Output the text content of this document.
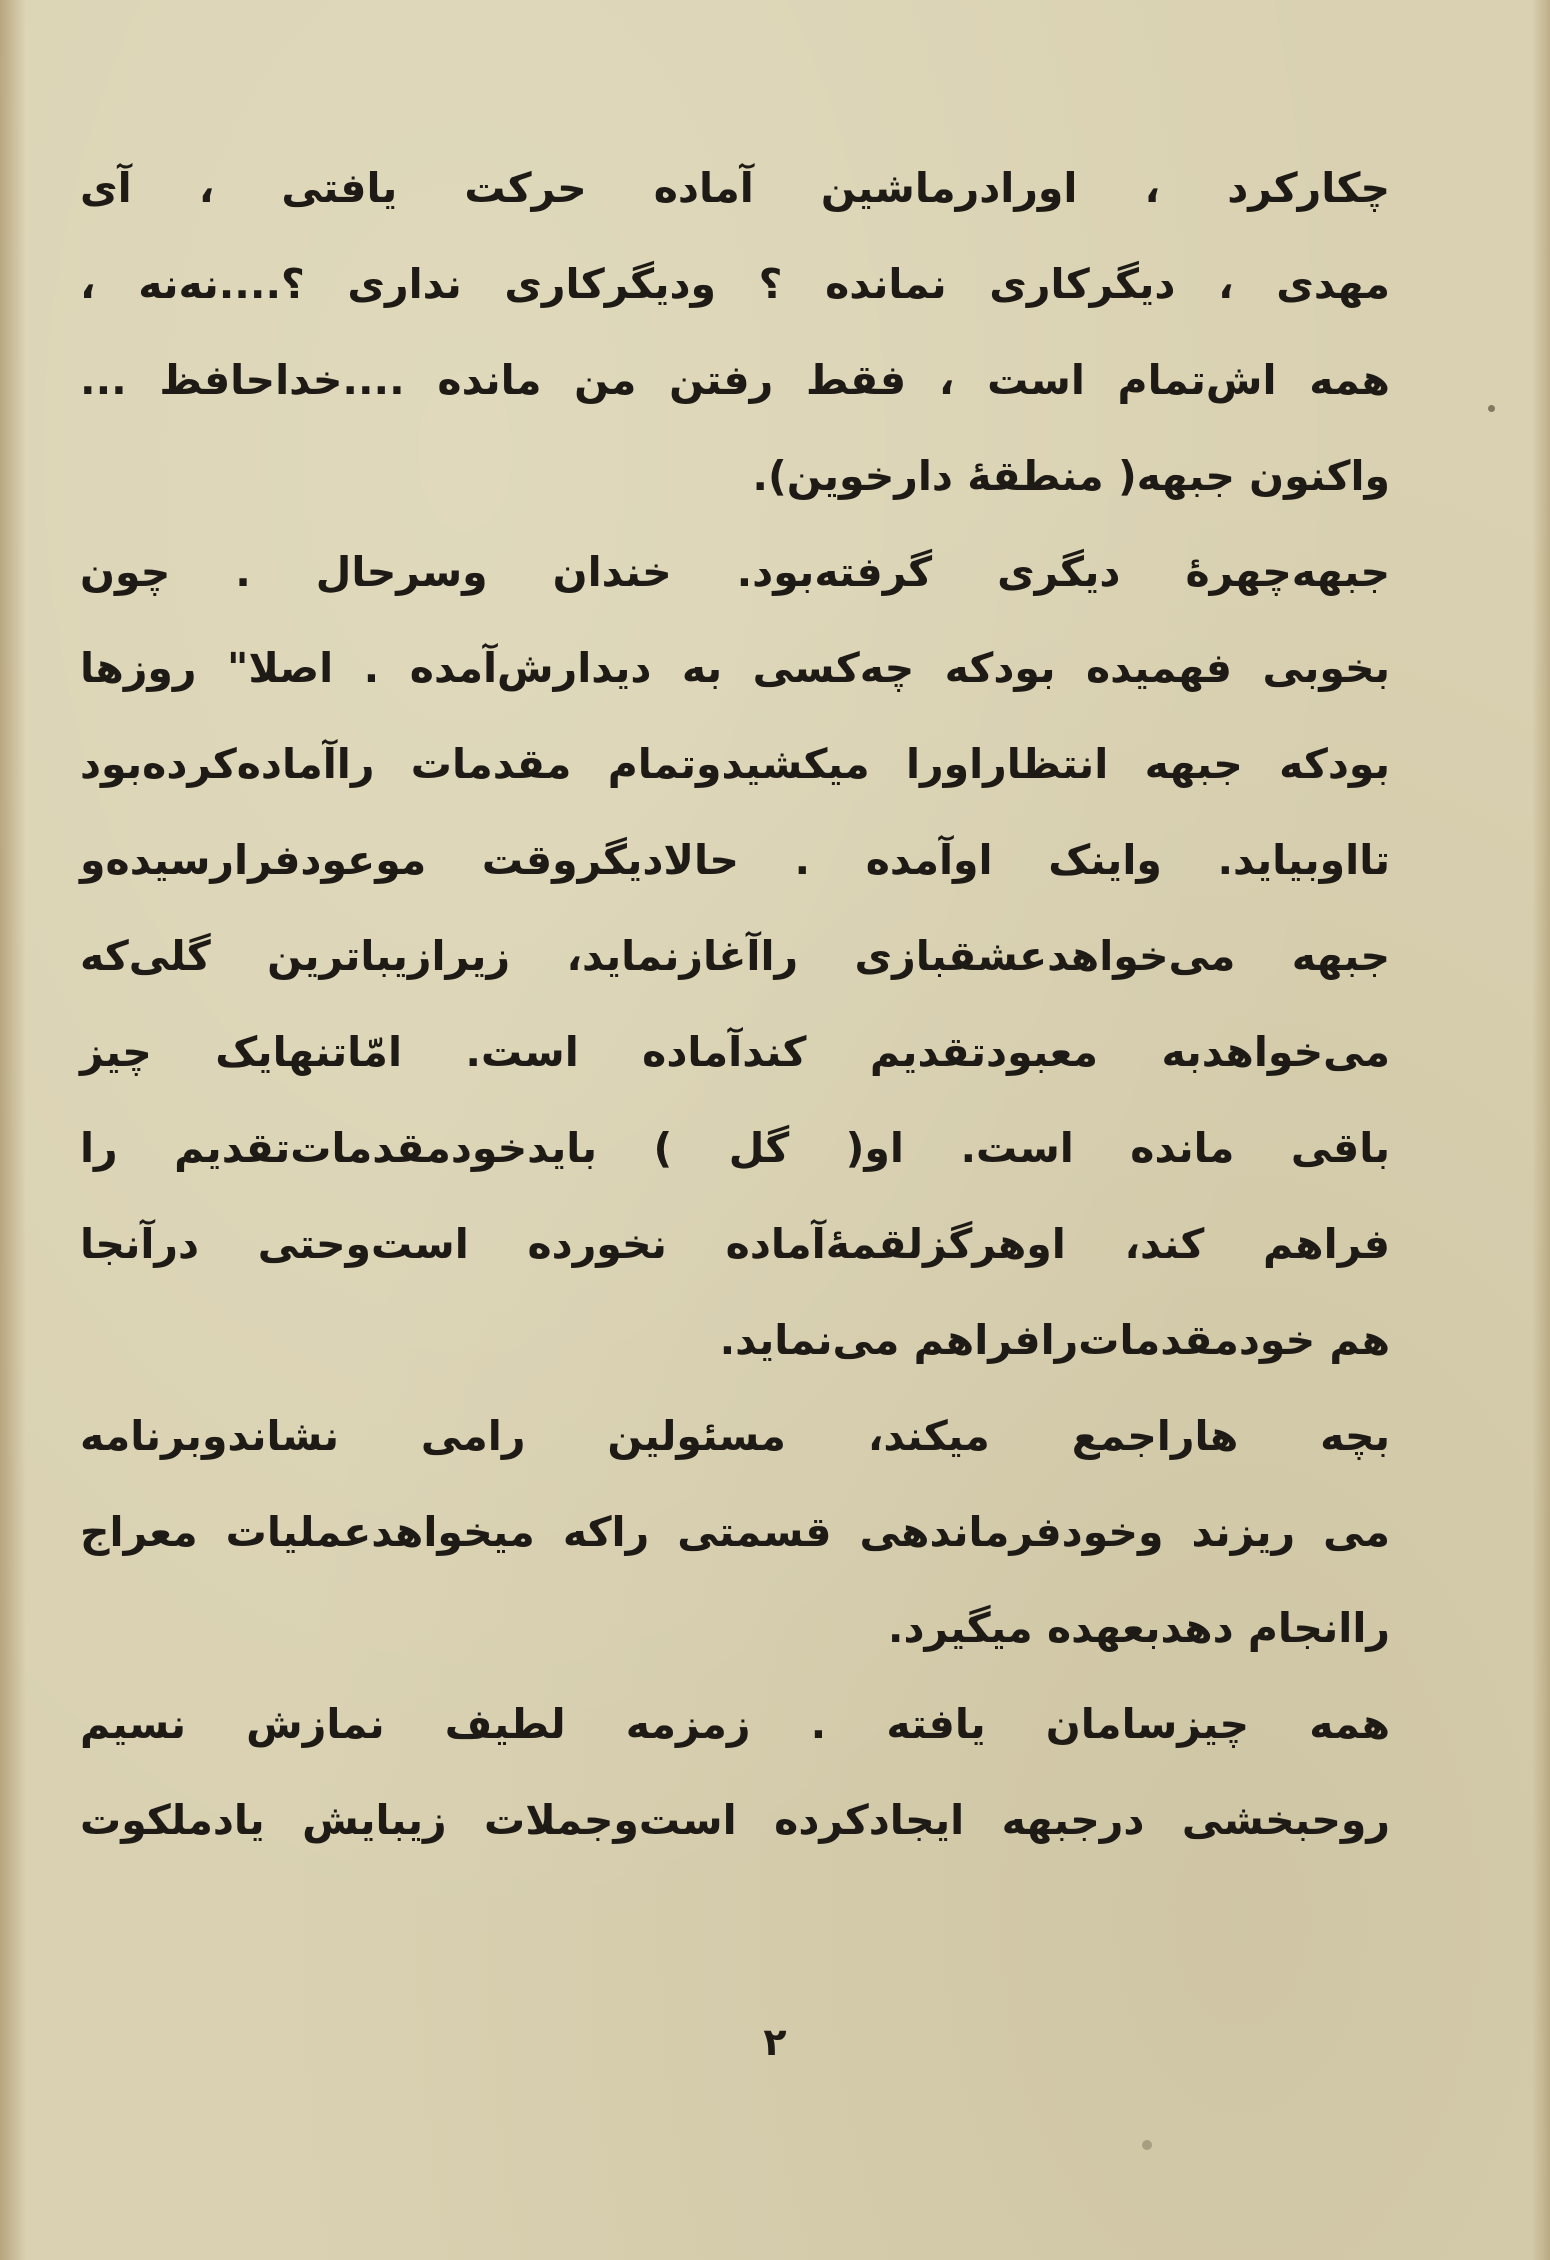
چکارکرد ، اورادرماشین آماده حرکت یافتی ، آی
مهدی ، دیگرکاری نمانده ؟ ودیگرکاری نداری ؟....نه‌نه ،
همه اش‌تمام است ، فقط رفتن من مانده ....خداحافظ ...
واکنون جبهه( منطقهٔ دارخوین).
جبهه‌چهرهٔ دیگری گرفته‌بود. خندان وسرحال . چون
بخوبی فهمیده بودکه چه‌کسی به دیدارش‌آمده . اصلا" روزها
بودکه جبهه انتظاراورا میکشیدوتمام مقدمات راآماده‌کرده‌بود
تااوبیاید. واینک اوآمده . حالادیگروقت موعودفرارسیده‌و
جبهه می‌خواهدعشقبازی راآغازنماید، زیرازیباترین گلی‌که
می‌خواهدبه معبودتقدیم کندآماده است. امّاتنهایک چیز
باقی مانده است. او( گل ) بایدخودمقدمات‌تقدیم را
فراهم کند، اوهرگزلقمهٔ‌آماده نخورده است‌وحتی درآنجا
هم خودمقدمات‌رافراهم می‌نماید.
بچه هاراجمع میکند، مسئولین رامی نشاندوبرنامه
می ریزند وخودفرماندهی قسمتی راکه میخواهدعملیات معراج
راانجام دهدبعهده میگیرد.
همه چیزسامان یافته . زمزمه لطیف نمازش نسیم
روحبخشی درجبهه ایجادکرده است‌وجملات زیبایش یادملکوت
۲
